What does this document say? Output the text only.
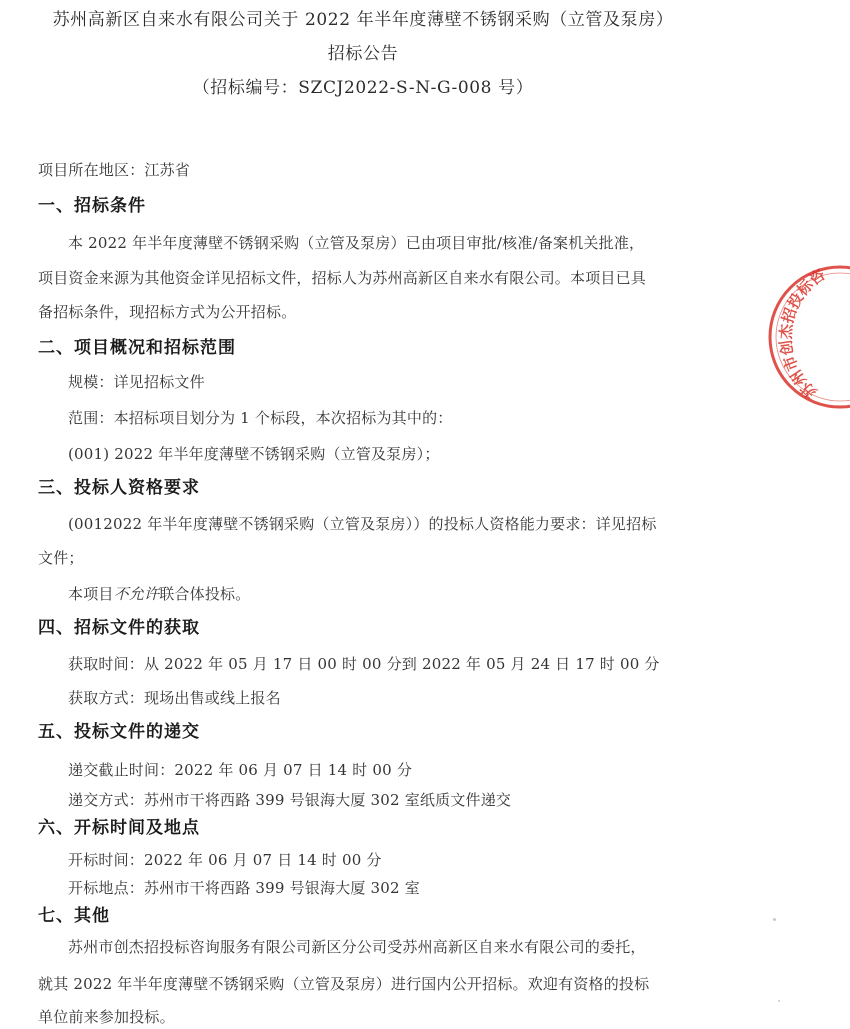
苏州高新区自来水有限公司关于 2022 年半年度薄壁不锈钢采购（立管及泵房）
招标公告
（招标编号：SZCJ2022-S-N-G-008 号）
项目所在地区：江苏省
一、招标条件
本 2022 年半年度薄壁不锈钢采购（立管及泵房）已由项目审批/核准/备案机关批准，
项目资金来源为其他资金详见招标文件，招标人为苏州高新区自来水有限公司。本项目已具
备招标条件，现招标方式为公开招标。
二、项目概况和招标范围
规模：详见招标文件
范围：本招标项目划分为 1 个标段，本次招标为其中的：
(001) 2022 年半年度薄壁不锈钢采购（立管及泵房）；
三、投标人资格要求
(0012022 年半年度薄壁不锈钢采购（立管及泵房））的投标人资格能力要求：详见招标
文件；
本项目不允许联合体投标。
四、招标文件的获取
获取时间：从 2022 年 05 月 17 日 00 时 00 分到 2022 年 05 月 24 日 17 时 00 分
获取方式：现场出售或线上报名
五、投标文件的递交
递交截止时间：2022 年 06 月 07 日 14 时 00 分
递交方式：苏州市干将西路 399 号银海大厦 302 室纸质文件递交
六、开标时间及地点
开标时间：2022 年 06 月 07 日 14 时 00 分
开标地点：苏州市干将西路 399 号银海大厦 302 室
七、其他
苏州市创杰招投标咨询服务有限公司新区分公司受苏州高新区自来水有限公司的委托，
就其 2022 年半年度薄壁不锈钢采购（立管及泵房）进行国内公开招标。欢迎有资格的投标
单位前来参加投标。
苏州市创杰招投标咨询服务有限公司
